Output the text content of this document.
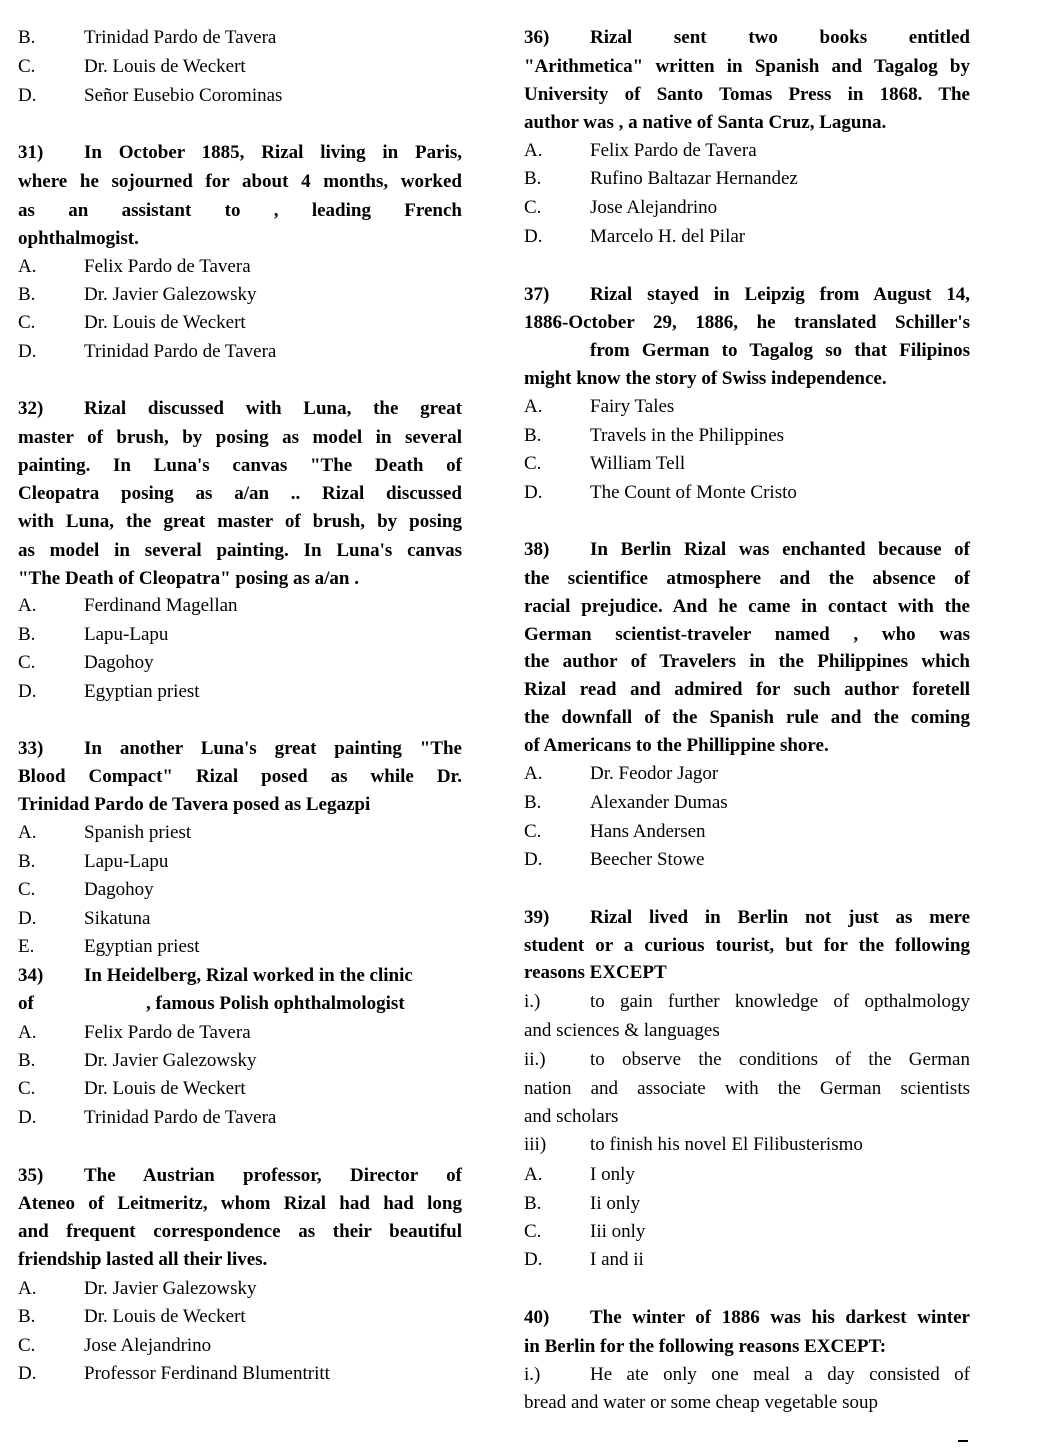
B.	Trinidad Pardo de Tavera
C.	Dr. Louis de Weckert
D.	Señor Eusebio Corominas
31) In October 1885, Rizal living in Paris,
where he sojourned for about 4 months, worked
as an assistant to , leading French
ophthalmogist.
A.	Felix Pardo de Tavera
B.	Dr. Javier Galezowsky
C.	Dr. Louis de Weckert
D.	Trinidad Pardo de Tavera
32) Rizal discussed with Luna, the great
master of brush, by posing as model in several
painting. In Luna's canvas "The Death of
Cleopatra posing as a/an .. Rizal discussed
with Luna, the great master of brush, by posing
as model in several painting. In Luna's canvas
"The Death of Cleopatra" posing as a/an .
A.	Ferdinand Magellan
B.	Lapu-Lapu
C.	Dagohoy
D.	Egyptian priest
33) In another Luna's great painting "The
Blood Compact" Rizal posed as while Dr.
Trinidad Pardo de Tavera posed as Legazpi
A.	Spanish priest
B.	Lapu-Lapu
C.	Dagohoy
D.	Sikatuna
E.	Egyptian priest
34) In Heidelberg, Rizal worked in the clinic
of	, famous Polish ophthalmologist
A.	Felix Pardo de Tavera
B.	Dr. Javier Galezowsky
C.	Dr. Louis de Weckert
D.	Trinidad Pardo de Tavera
35) The Austrian professor, Director of
Ateneo of Leitmeritz, whom Rizal had had long
and frequent correspondence as their beautiful
friendship lasted all their lives.
A.	Dr. Javier Galezowsky
B.	Dr. Louis de Weckert
C.	Jose Alejandrino
D.	Professor Ferdinand Blumentritt
36) Rizal sent two books entitled
"Arithmetica" written in Spanish and Tagalog by
University of Santo Tomas Press in 1868. The
author was , a native of Santa Cruz, Laguna.
A.	Felix Pardo de Tavera
B.	Rufino Baltazar Hernandez
C.	Jose Alejandrino
D.	Marcelo H. del Pilar
37) Rizal stayed in Leipzig from August 14,
1886-October 29, 1886, he translated Schiller's
from German to Tagalog so that Filipinos
might know the story of Swiss independence.
A.	Fairy Tales
B.	Travels in the Philippines
C.	William Tell
D.	The Count of Monte Cristo
38) In Berlin Rizal was enchanted because of
the scientifice atmosphere and the absence of
racial prejudice. And he came in contact with the
German scientist-traveler named , who was
the author of Travelers in the Philippines which
Rizal read and admired for such author foretell
the downfall of the Spanish rule and the coming
of Americans to the Phillippine shore.
A.	Dr. Feodor Jagor
B.	Alexander Dumas
C.	Hans Andersen
D.	Beecher Stowe
39) Rizal lived in Berlin not just as mere
student or a curious tourist, but for the following
reasons EXCEPT
i.)	to gain further knowledge of opthalmology
and sciences & languages
ii.) to observe the conditions of the German
nation and associate with the German scientists
and scholars
iii) to finish his novel El Filibusterismo
A.	I only
B.	Ii only
C.	Iii only
D.	I and ii
40) The winter of 1886 was his darkest winter
in Berlin for the following reasons EXCEPT:
i.)	He ate only one meal a day consisted of
bread and water or some cheap vegetable soup
